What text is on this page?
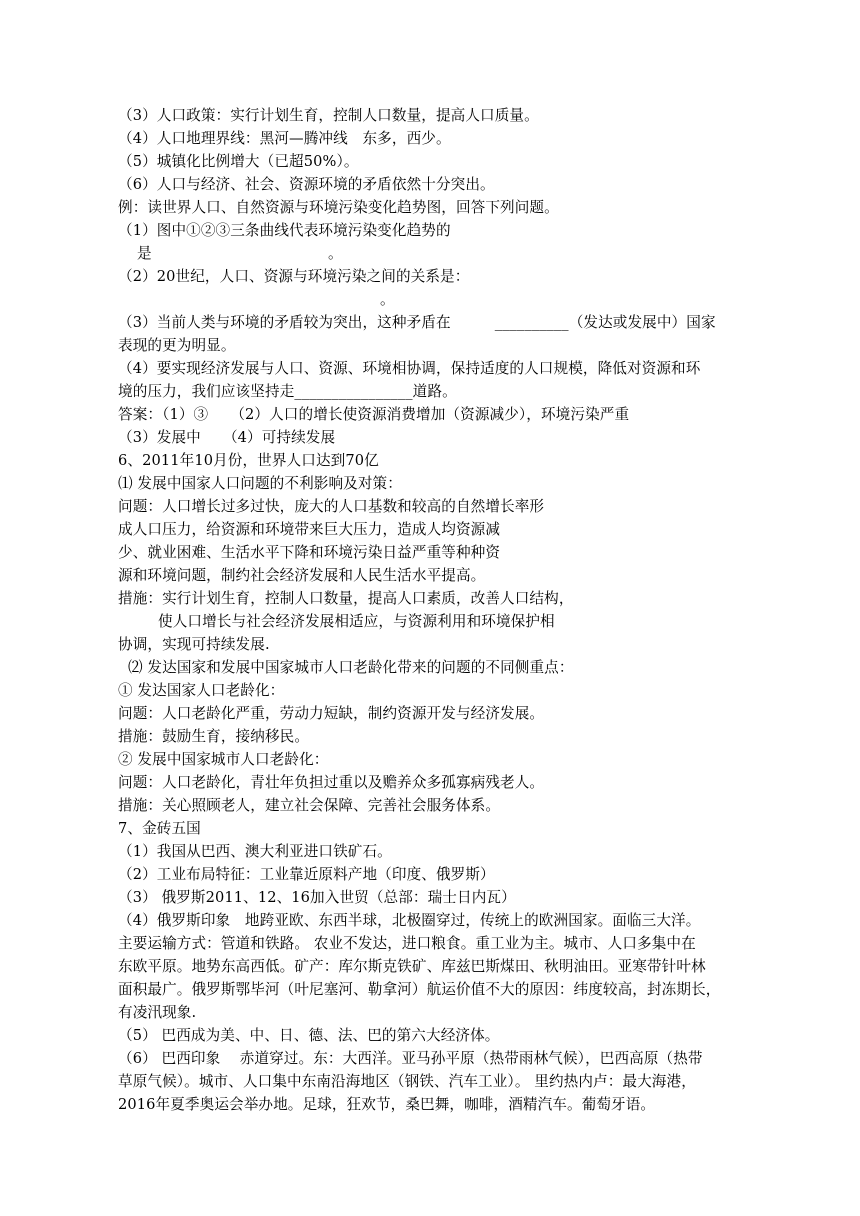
（3）人口政策：实行计划生育，控制人口数量，提高人口质量。
（4）人口地理界线：黑河—腾冲线　东多，西少。
（5）城镇化比例增大（已超50%）。
（6）人口与经济、社会、资源环境的矛盾依然十分突出。
例：读世界人口、自然资源与环境污染变化趋势图，回答下列问题。
（1）图中①②③三条曲线代表环境污染变化趋势的
是　　　　　　　　　　　　。
（2）20世纪，人口、资源与环境污染之间的关系是：
。
（3）当前人类与环境的矛盾较为突出，这种矛盾在　　　__________（发达或发展中）国家
表现的更为明显。
（4）要实现经济发展与人口、资源、环境相协调，保持适度的人口规模，降低对资源和环
境的压力，我们应该坚持走________________道路。
答案：（1）③　　（2）人口的增长使资源消费增加（资源减少），环境污染严重
（3）发展中　　（4）可持续发展
6、2011年10月份，世界人口达到70亿
⑴ 发展中国家人口问题的不利影响及对策：
问题：人口增长过多过快，庞大的人口基数和较高的自然增长率形
成人口压力，给资源和环境带来巨大压力，造成人均资源减
少、就业困难、生活水平下降和环境污染日益严重等种种资
源和环境问题，制约社会经济发展和人民生活水平提高。
措施：实行计划生育，控制人口数量，提高人口素质，改善人口结构，
使人口增长与社会经济发展相适应，与资源利用和环境保护相
协调，实现可持续发展.
⑵ 发达国家和发展中国家城市人口老龄化带来的问题的不同侧重点：
① 发达国家人口老龄化：
问题：人口老龄化严重，劳动力短缺，制约资源开发与经济发展。
措施：鼓励生育，接纳移民。
② 发展中国家城市人口老龄化：
问题：人口老龄化，青壮年负担过重以及赡养众多孤寡病残老人。
措施：关心照顾老人，建立社会保障、完善社会服务体系。
7、金砖五国
（1）我国从巴西、澳大利亚进口铁矿石。
（2）工业布局特征：工业靠近原料产地（印度、俄罗斯）
（3） 俄罗斯2011、12、16加入世贸（总部：瑞士日内瓦）
（4）俄罗斯印象　地跨亚欧、东西半球，北极圈穿过，传统上的欧洲国家。面临三大洋。
主要运输方式：管道和铁路。 农业不发达，进口粮食。重工业为主。城市、人口多集中在
东欧平原。地势东高西低。矿产：库尔斯克铁矿、库兹巴斯煤田、秋明油田。亚寒带针叶林
面积最广。俄罗斯鄂毕河（叶尼塞河、勒拿河）航运价值不大的原因：纬度较高，封冻期长，
有凌汛现象.
（5） 巴西成为美、中、日、德、法、巴的第六大经济体。
（6） 巴西印象　 赤道穿过。东：大西洋。亚马孙平原（热带雨林气候），巴西高原（热带
草原气候）。城市、人口集中东南沿海地区（钢铁、汽车工业）。 里约热内卢：最大海港，
2016年夏季奥运会举办地。足球，狂欢节，桑巴舞，咖啡，酒精汽车。葡萄牙语。
